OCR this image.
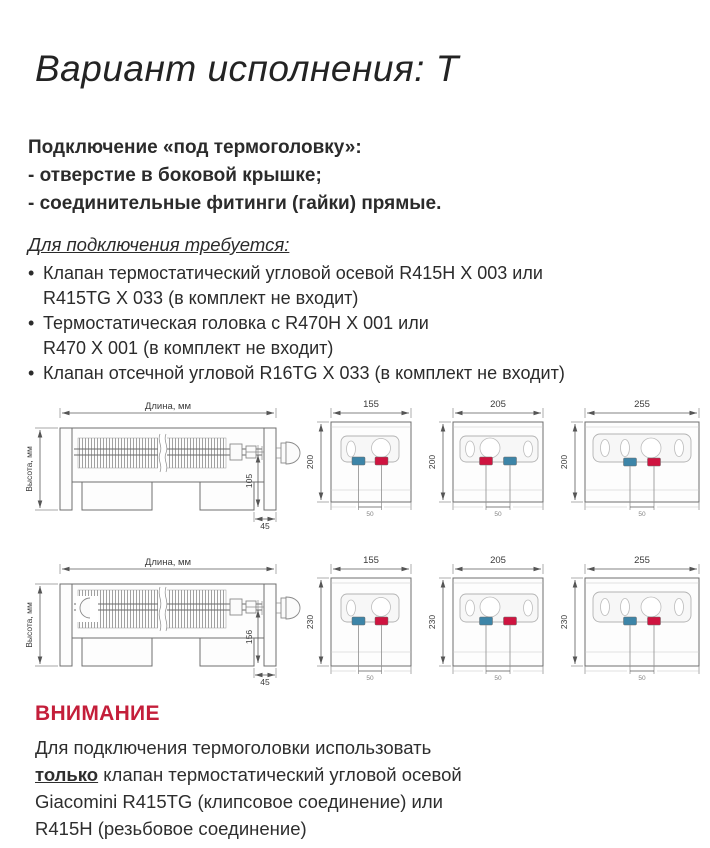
Вариант исполнения: Т
Подключение «под термоголовку»:
- отверстие в боковой крышке;
- соединительные фитинги (гайки) прямые.
Для подключения требуется:
• Клапан термостатический угловой осевой R415H X 003 или
R415TG X 033 (в комплект не входит)
• Термостатическая головка с R470H X 001 или
R470 X 001 (в комплект не входит)
• Клапан отсечной угловой R16TG X 033 (в комплект не входит)
Длина, мм
Высота, мм	105
45
155
200
50
205
200
50
255
200
50
Длина, мм
Высота, мм	156
45
155
230
50
205
230
50
255
230
50
ВНИМАНИЕ

Для подключения термоголовки использовать
только клапан термостатический угловой осевой
Giacomini R415TG (клипсовое соединение) или
R415H (резьбовое соединение)
